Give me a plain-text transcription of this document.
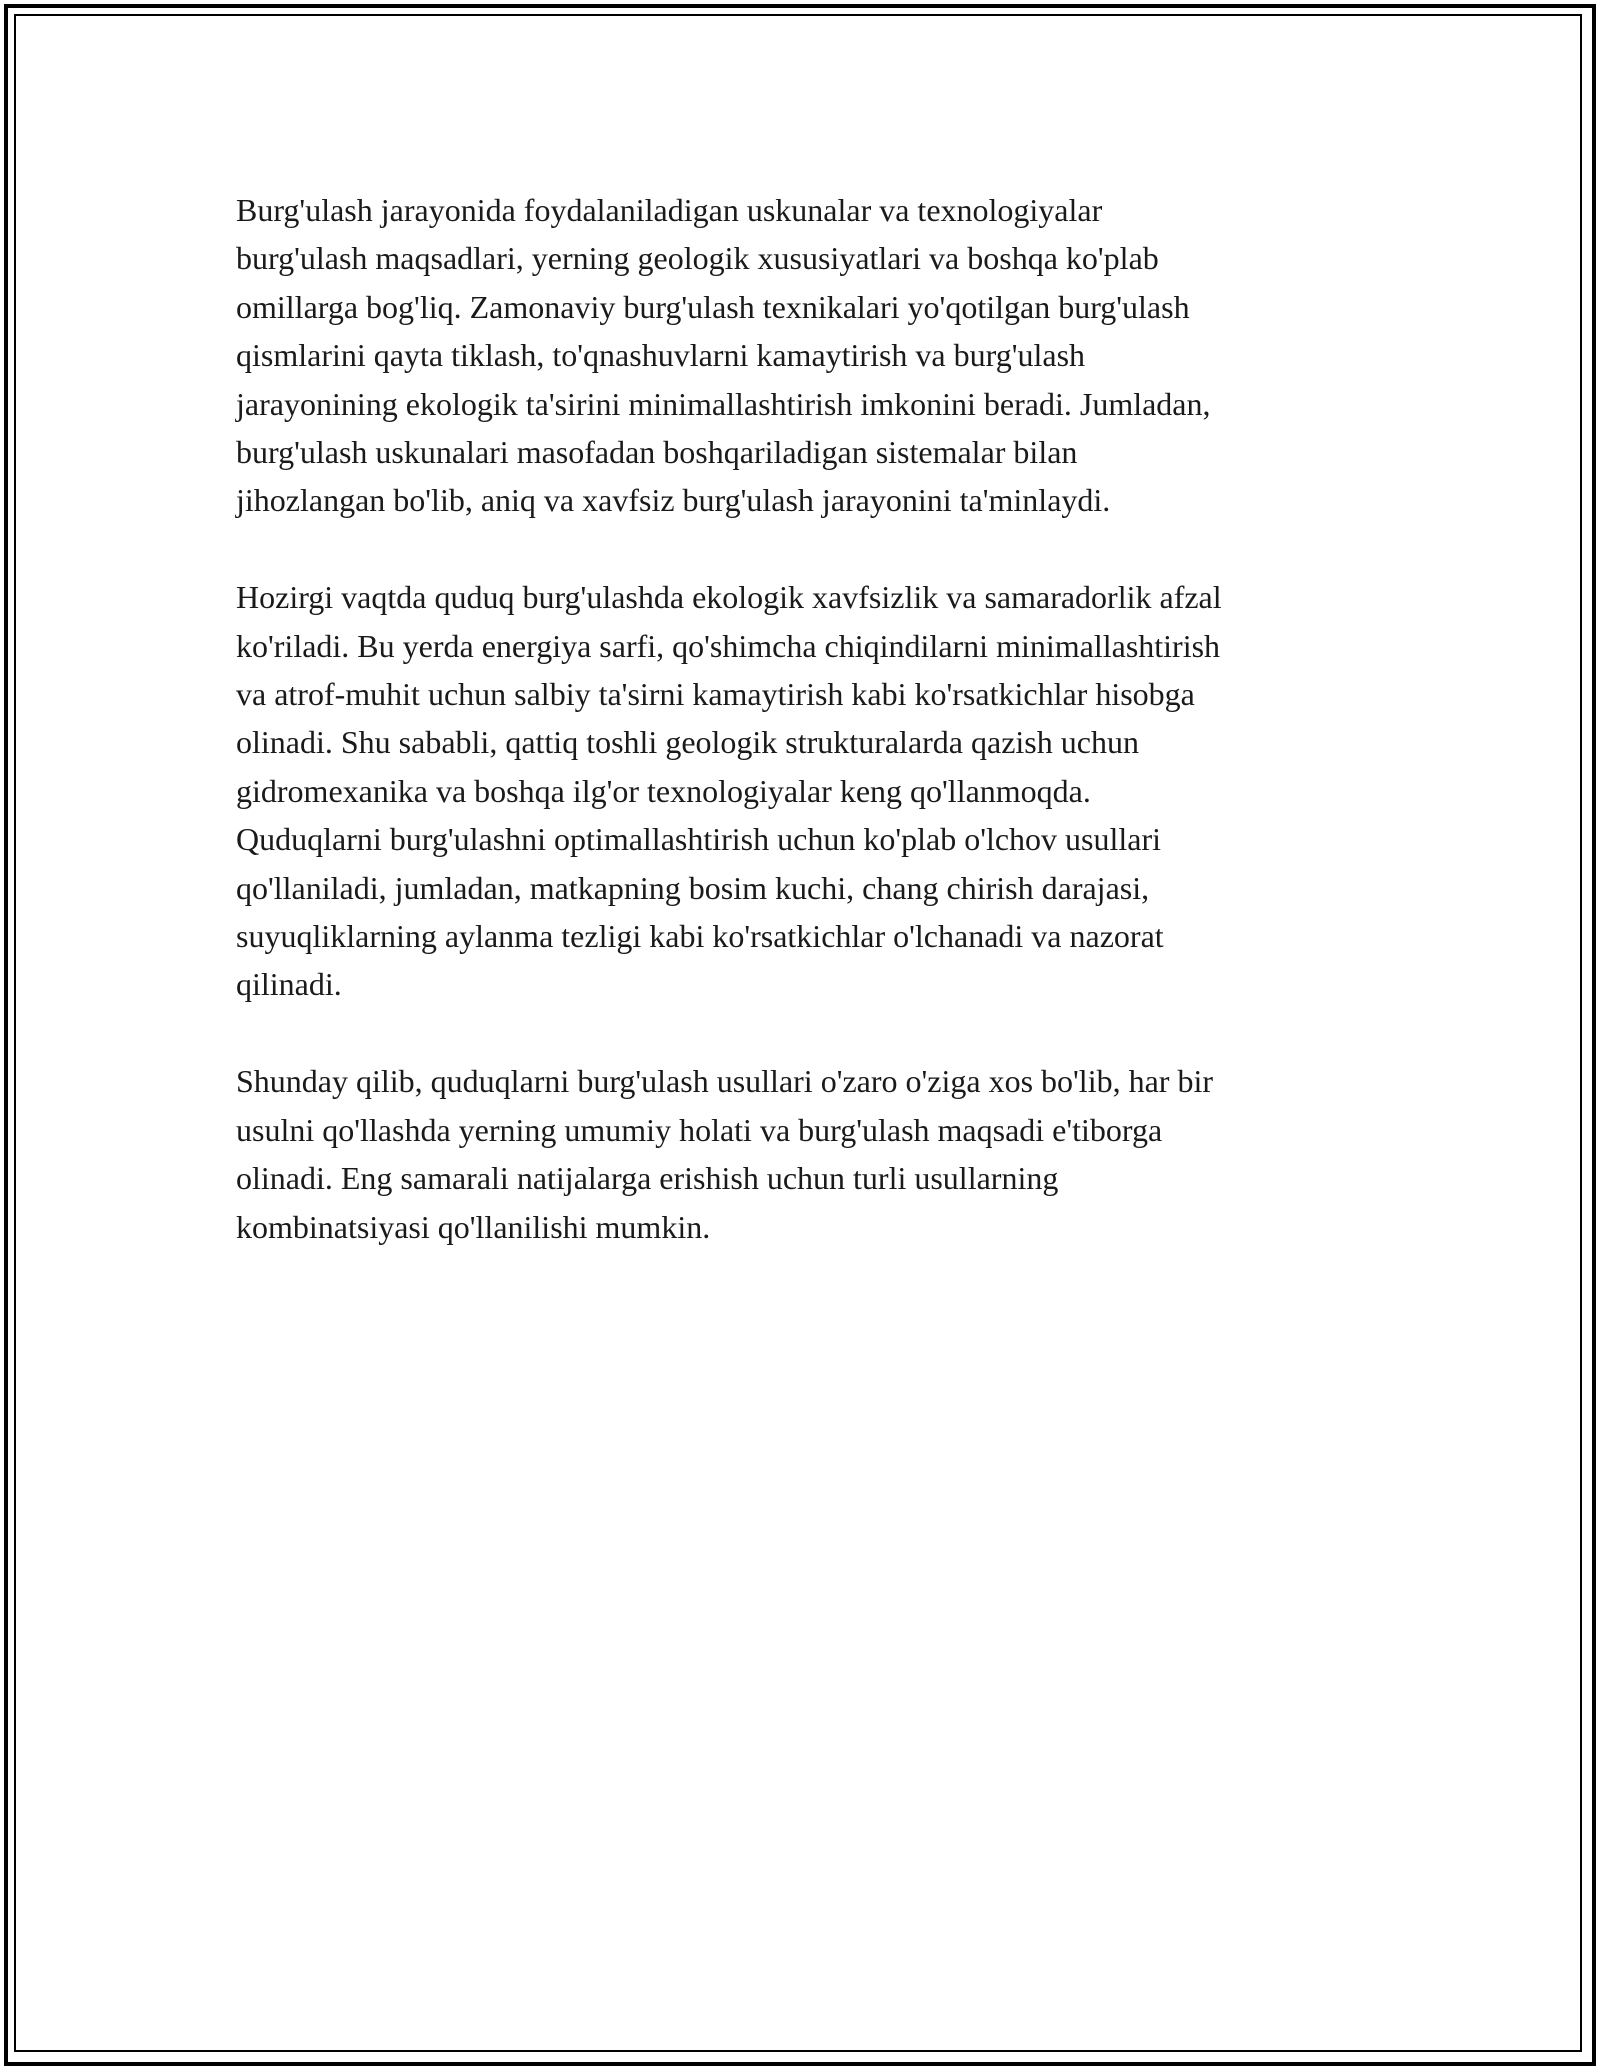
Burg'ulash jarayonida foydalaniladigan uskunalar va texnologiyalar
burg'ulash maqsadlari, yerning geologik xususiyatlari va boshqa ko'plab
omillarga bog'liq. Zamonaviy burg'ulash texnikalari yo'qotilgan burg'ulash
qismlarini qayta tiklash, to'qnashuvlarni kamaytirish va burg'ulash
jarayonining ekologik ta'sirini minimallashtirish imkonini beradi. Jumladan,
burg'ulash uskunalari masofadan boshqariladigan sistemalar bilan
jihozlangan bo'lib, aniq va xavfsiz burg'ulash jarayonini ta'minlaydi.

Hozirgi vaqtda quduq burg'ulashda ekologik xavfsizlik va samaradorlik afzal
ko'riladi. Bu yerda energiya sarfi, qo'shimcha chiqindilarni minimallashtirish
va atrof-muhit uchun salbiy ta'sirni kamaytirish kabi ko'rsatkichlar hisobga
olinadi. Shu sababli, qattiq toshli geologik strukturalarda qazish uchun
gidromexanika va boshqa ilg'or texnologiyalar keng qo'llanmoqda.
Quduqlarni burg'ulashni optimallashtirish uchun ko'plab o'lchov usullari
qo'llaniladi, jumladan, matkapning bosim kuchi, chang chirish darajasi,
suyuqliklarning aylanma tezligi kabi ko'rsatkichlar o'lchanadi va nazorat
qilinadi.

Shunday qilib, quduqlarni burg'ulash usullari o'zaro o'ziga xos bo'lib, har bir
usulni qo'llashda yerning umumiy holati va burg'ulash maqsadi e'tiborga
olinadi. Eng samarali natijalarga erishish uchun turli usullarning
kombinatsiyasi qo'llanilishi mumkin.
